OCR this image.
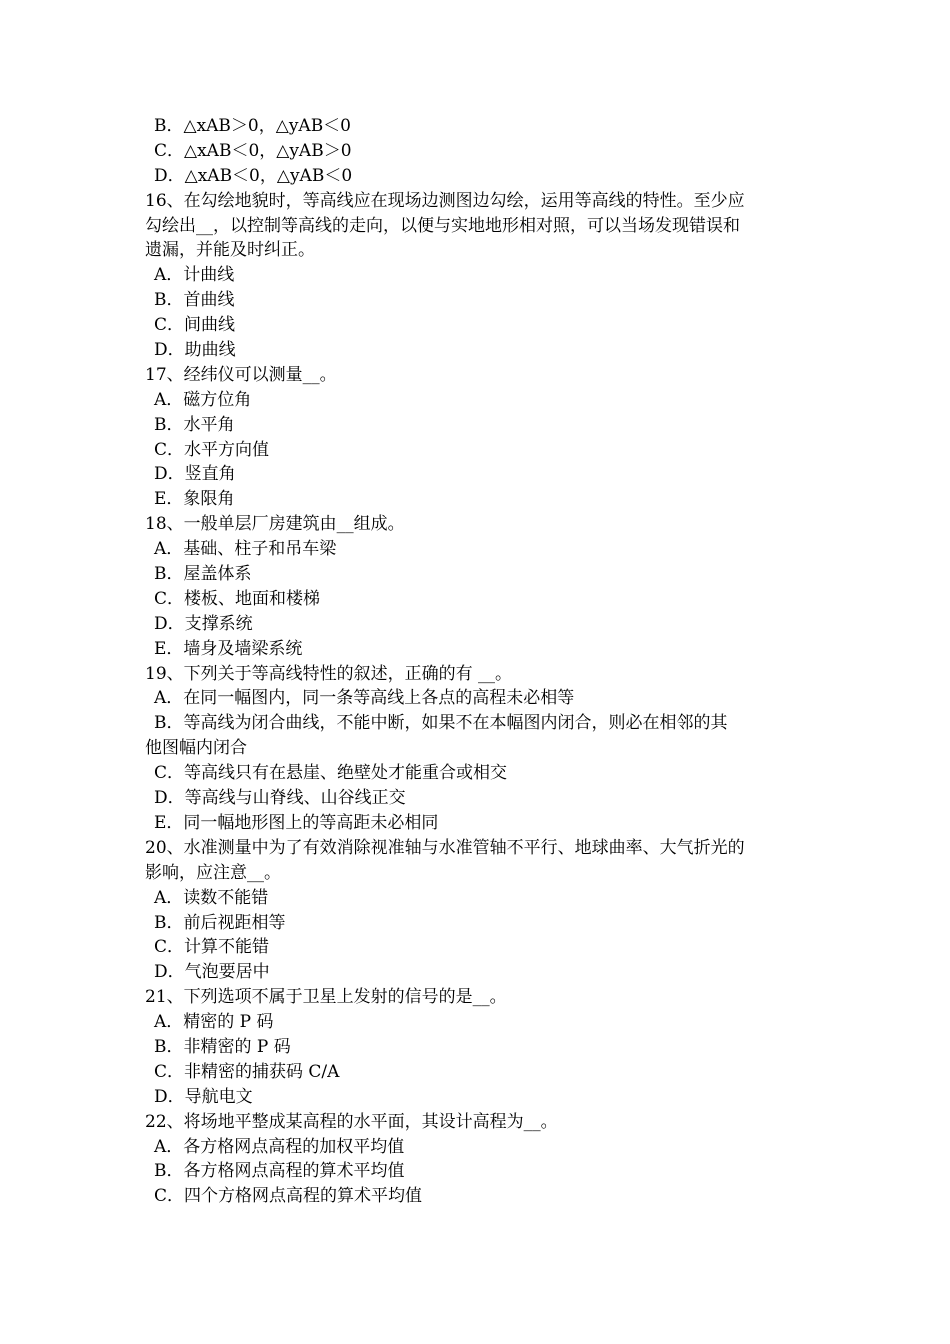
B．△xAB＞0，△yAB＜0
C．△xAB＜0，△yAB＞0
D．△xAB＜0，△yAB＜0
16、在勾绘地貌时，等高线应在现场边测图边勾绘，运用等高线的特性。至少应
勾绘出__，以控制等高线的走向，以便与实地地形相对照，可以当场发现错误和
遗漏，并能及时纠正。
A．计曲线
B．首曲线
C．间曲线
D．助曲线
17、经纬仪可以测量__。
A．磁方位角
B．水平角
C．水平方向值
D．竖直角
E．象限角
18、一般单层厂房建筑由__组成。
A．基础、柱子和吊车梁
B．屋盖体系
C．楼板、地面和楼梯
D．支撑系统
E．墙身及墙梁系统
19、下列关于等高线特性的叙述，正确的有 __。
A．在同一幅图内，同一条等高线上各点的高程未必相等
B．等高线为闭合曲线，不能中断，如果不在本幅图内闭合，则必在相邻的其
他图幅内闭合
C．等高线只有在悬崖、绝壁处才能重合或相交
D．等高线与山脊线、山谷线正交
E．同一幅地形图上的等高距未必相同
20、水准测量中为了有效消除视准轴与水准管轴不平行、地球曲率、大气折光的
影响，应注意__。
A．读数不能错
B．前后视距相等
C．计算不能错
D．气泡要居中
21、下列选项不属于卫星上发射的信号的是__。
A．精密的 P 码
B．非精密的 P 码
C．非精密的捕获码 C/A
D．导航电文
22、将场地平整成某高程的水平面，其设计高程为__。
A．各方格网点高程的加权平均值
B．各方格网点高程的算术平均值
C．四个方格网点高程的算术平均值
